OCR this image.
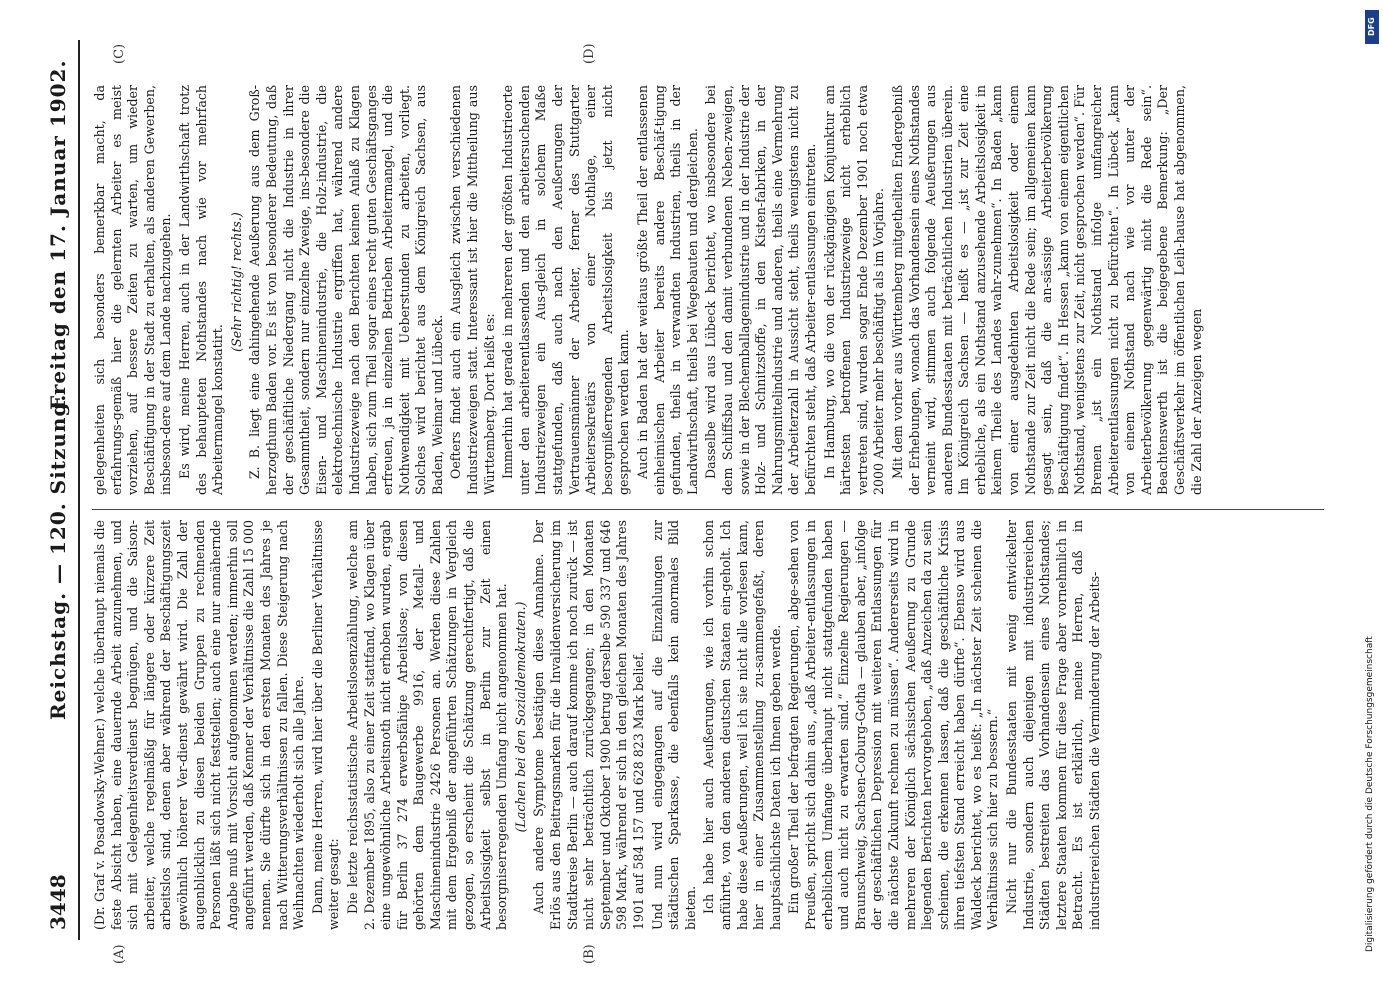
3448
Reichstag. — 120. Sitzung.
Freitag den 17. Januar 1902.
(A)	(B)
(C)	(D)

(Dr. Graf v. Posadowsky-Wehner.) welche überhaupt niemals die feste Absicht haben, eine dauernde Arbeit anzunehmen, und sich mit Gelegenheitsverdienst begnügen, und die Saison-arbeiter, welche regelmäßig für längere oder kürzere Zeit arbeitslos sind, denen aber während der Beschäftigungszeit gewöhnlich höherer Ver-dienst gewährt wird. Die Zahl der augenblicklich zu diesen beiden Gruppen zu rechnenden Personen läßt sich nicht feststellen; auch eine nur annähernde Angabe muß mit Vorsicht aufgenommen werden; immerhin soll angeführt werden, daß Kenner der Verhältnisse die Zahl 15 000 nennen. Sie dürfte sich in den ersten Monaten des Jahres je nach Witterungsverhältnissen zu fallen. Diese Steigerung nach Weihnachten wiederholt sich alle Jahre. Dann, meine Herren, wird hier über die Berliner Verhältnisse weiter gesagt: Die letzte reichsstatistische Arbeitslosenzählung, welche am 2. Dezember 1895, also zu einer Zeit stattfand, wo Klagen über eine ungewöhnliche Arbeitsnoth nicht erhoben wurden, ergab für Berlin 37 274 erwerbsfähige Arbeitslose; von diesen gehörten dem Baugewerbe 9916, der Metall- und Maschinenindustrie 2426 Personen an. Werden diese Zahlen mit dem Ergebniß der angeführten Schätzungen in Vergleich gezogen, so erscheint die Schätzung gerechtfertigt, daß die Arbeitslosigkeit selbst in Berlin zur Zeit einen besorgniserregenden Umfang nicht angenommen hat. (Lachen bei den Sozialdemokraten.) Auch andere Symptome bestätigen diese Annahme. Der Erlös aus den Beitragsmarken für die Invalidenversicherung im Stadtkreise Berlin — auch darauf komme ich noch zurück — ist nicht sehr beträchtlich zurückgegangen; in den Monaten September und Oktober 1900 betrug derselbe 590 337 und 646 598 Mark, während er sich in den gleichen Monaten des Jahres 1901 auf 584 157 und 628 823 Mark belief. Und nun wird eingegangen auf die Einzahlungen zur städtischen Sparkasse, die ebenfalls kein anormales Bild bieten. Ich habe hier auch Aeußerungen, wie ich vorhin schon anführte, von den anderen deutschen Staaten ein-geholt. Ich habe diese Aeußerungen, weil ich sie nicht alle vorlesen kann, hier in einer Zusammenstellung zu-sammengefaßt, deren hauptsächlichste Daten ich Ihnen geben werde. Ein großer Theil der befragten Regierungen, abge-sehen von Preußen, spricht sich dahin aus, „daß Arbeiter-entlassungen in erheblichem Umfange überhaupt nicht stattgefunden haben und auch nicht zu erwarten sind.“ Einzelne Regierungen — Braunschweig, Sachsen-Coburg-Gotha — glauben aber, „infolge der geschäftlichen Depression mit weiteren Entlassungen für die nächste Zukunft rechnen zu müssen“. Andererseits wird in mehreren der Königlich sächsischen Aeußerung zu Grunde liegenden Berichten hervorgehoben, „daß Anzeichen da zu sein scheinen, die erkennen lassen, daß die geschäftliche Krisis ihren tiefsten Stand erreicht haben dürfte“. Ebenso wird aus Waldeck berichtet, wo es heißt: „In nächster Zeit scheinen die Verhältnisse sich hier zu bessern.“ Nicht nur die Bundesstaaten mit wenig entwickelter Industrie, sondern auch diejenigen mit industriereichen Städten bestreiten das Vorhandensein eines Nothstandes; letztere Staaten kommen für diese Frage aber vornehmlich in Betracht. Es ist erklärlich, meine Herren, daß in industriereichen Städten die Verminderung der Arbeits-

gelegenheiten sich besonders bemerkbar macht, da erfahrungs-gemäß hier die gelernten Arbeiter es meist vorziehen, auf bessere Zeiten zu warten, um wieder Beschäftigung in der Stadt zu erhalten, als anderen Gewerben, insbeson-dere auf dem Lande nachzugehen. Es wird, meine Herren, auch in der Landwirthschaft trotz des behaupteten Nothstandes nach wie vor mehrfach Arbeitermangel konstatirt.

(Sehr richtig! rechts.) Z. B. liegt eine dahingehende Aeußerung aus dem Groß-herzogthum Baden vor. Es ist von besonderer Bedeutung, daß der geschäftliche Niedergang nicht die Industrie in ihrer Gesammtheit, sondern nur einzelne Zweige, ins-besondere die Eisen- und Maschinenindustrie, die Holz-industrie, die elektrotechnische Industrie ergriffen hat, während andere Industriezweige nach den Berichten keinen Anlaß zu Klagen haben, sich zum Theil sogar eines recht guten Geschäftsganges erfreuen, ja in einzelnen Betrieben Arbeitermangel, und die Nothwendigkeit mit Ueberstunden zu arbeiten, vorliegt. Solches wird berichtet aus dem Königreich Sachsen, aus Baden, Weimar und Lübeck. Oefters findet auch ein Ausgleich zwischen verschiedenen Industriezweigen statt. Interessant ist hier die Mittheilung aus Württemberg. Dort heißt es: Immerhin hat gerade in mehreren der größten Industrieorte unter den arbeiterentlassenden und den arbeitersuchenden Industriezweigen ein Aus-gleich in solchem Maße stattgefunden, daß auch nach den Aeußerungen der Vertrauensmänner der Arbeiter, ferner des Stuttgarter Arbeitersekretärs von einer Nothlage, einer besorgnißerregenden Arbeitslosigkeit bis jetzt nicht gesprochen werden kann. Auch in Baden hat der weitaus größte Theil der entlassenen einheimischen Arbeiter bereits andere Beschäf-tigung gefunden, theils in verwandten Industrien, theils in der Landwirthschaft, theils bei Wegebauten und dergleichen. Dasselbe wird aus Lübeck berichtet, wo insbesondere bei dem Schiffsbau und den damit verbundenen Neben-zweigen, sowie in der Blechemballagenindustrie und in der Industrie der Holz- und Schnitzstoffe, in den Kisten-fabriken, in der Nahrungsmittelindustrie und anderen, theils eine Vermehrung der Arbeiterzahl in Aussicht steht, theils wenigstens nicht zu befürchten steht, daß Arbeiter-entlassungen eintreten. In Hamburg, wo die von der rückgängigen Konjunktur am härtesten betroffenen Industriezweige nicht erheblich vertreten sind, wurden sogar Ende Dezember 1901 noch etwa 2000 Arbeiter mehr beschäftigt als im Vorjahre. Mit dem vorher aus Württemberg mitgetheilten Endergebniß der Erhebungen, wonach das Vorhandensein eines Nothstandes verneint wird, stimmen auch folgende Aeußerungen aus anderen Bundesstaaten mit beträchtlichen Industrien überein. Im Königreich Sachsen — heißt es — „ist zur Zeit eine erhebliche, als ein Nothstand anzusehende Arbeitslosigkeit in keinem Theile des Landes wahr-zunehmen“. In Baden „kann von einer ausgedehnten Arbeitslosigkeit oder einem Nothstande zur Zeit nicht die Rede sein; im allgemeinen kann gesagt sein, daß die an-sässige Arbeiterbevölkerung Beschäftigung findet“. In Hessen „kann von einem eigentlichen Nothstand, wenigstens zur Zeit, nicht gesprochen werden“. Für Bremen „ist ein Nothstand infolge umfangreicher Arbeiterentlassungen nicht zu befürchten“. In Lübeck „kann von einem Nothstand nach wie vor unter der Arbeiterbevölkerung gegenwärtig nicht die Rede sein“. Beachtenswerth ist die beigegebene Bemerkung: „Der Geschäftsverkehr im öffentlichen Leih-hause hat abgenommen, die Zahl der Anzeigen wegen

DFG
Digitalisierung gefördert durch die Deutsche Forschungsgemeinschaft
